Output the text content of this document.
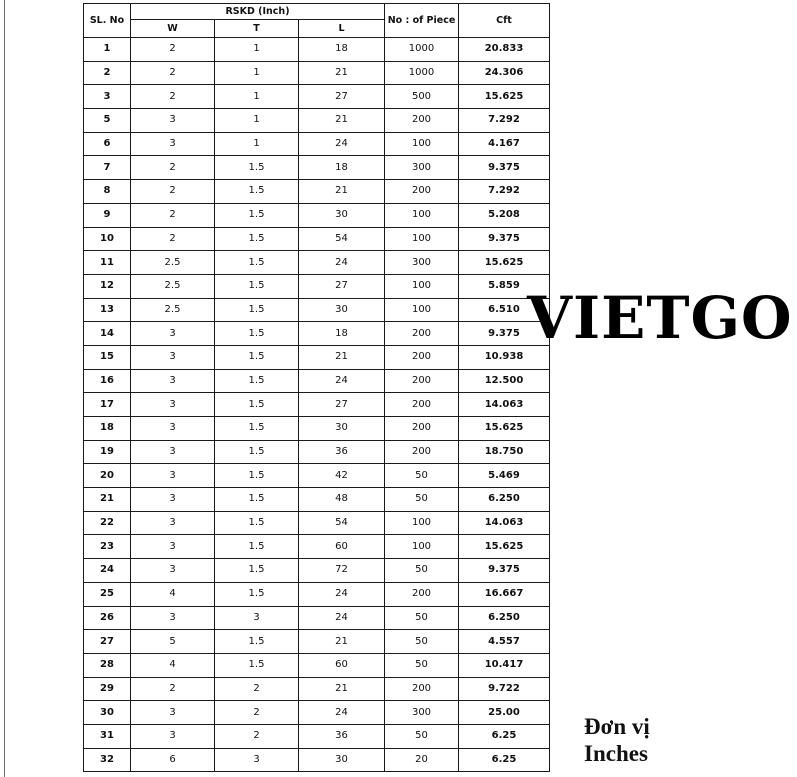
SL. No	RSKD (Inch)			No : of Piece	Cft
	W	T	L		
1	2	1	18	1000	20.833
2	2	1	21	1000	24.306
3	2	1	27	500	15.625
5	3	1	21	200	7.292
6	3	1	24	100	4.167
7	2	1.5	18	300	9.375
8	2	1.5	21	200	7.292
9	2	1.5	30	100	5.208
10	2	1.5	54	100	9.375
11	2.5	1.5	24	300	15.625
12	2.5	1.5	27	100	5.859
13	2.5	1.5	30	100	6.510
14	3	1.5	18	200	9.375
15	3	1.5	21	200	10.938
16	3	1.5	24	200	12.500
17	3	1.5	27	200	14.063
18	3	1.5	30	200	15.625
19	3	1.5	36	200	18.750
20	3	1.5	42	50	5.469
21	3	1.5	48	50	6.250
22	3	1.5	54	100	14.063
23	3	1.5	60	100	15.625
24	3	1.5	72	50	9.375
25	4	1.5	24	200	16.667
26	3	3	24	50	6.250
27	5	1.5	21	50	4.557
28	4	1.5	60	50	10.417
29	2	2	21	200	9.722
30	3	2	24	300	25.00
31	3	2	36	50	6.25
32	6	3	30	20	6.25
VIETGO
Đơn vị
Inches
